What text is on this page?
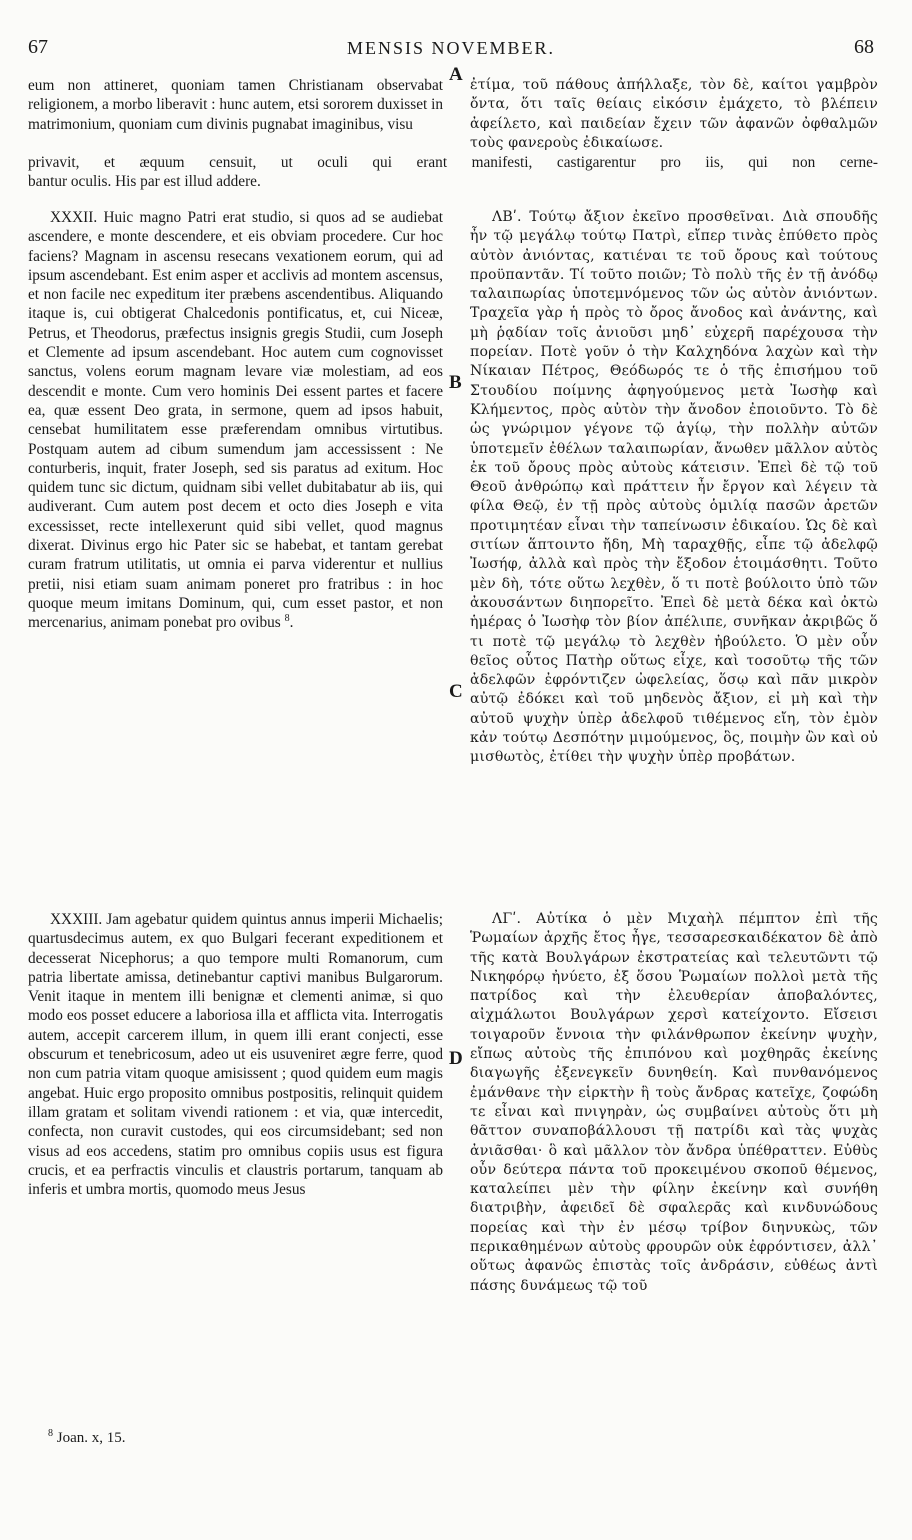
67	MENSIS NOVEMBER.	68

eum non attineret, quoniam tamen Christianam observabat religionem, a morbo liberavit : hunc autem, etsi sororem duxisset in matrimonium, quoniam cum divinis pugnabat imaginibus, visu

ἐτίμα, τοῦ πάθους ἀπήλλαξε, τὸν δὲ, καίτοι γαμβρὸν ὄντα, ὅτι ταῖς θείαις εἰκόσιν ἐμάχετο, τὸ βλέπειν ἀφείλετο, καὶ παιδείαν ἔχειν τῶν ἀφανῶν ὀφθαλμῶν τοὺς φανεροὺς ἐδικαίωσε.

privavit, et æquum censuit, ut oculi qui erant manifesti, castigarentur pro iis, qui non cerne-

bantur oculis. His par est illud addere.

XXXII. Huic magno Patri erat studio, si quos ad se audiebat ascendere, e monte descendere, et eis obviam procedere. Cur hoc faciens? Magnam in ascensu resecans vexationem eorum, qui ad ipsum ascendebant. Est enim asper et acclivis ad montem ascensus, et non facile nec expeditum iter præbens ascendentibus. Aliquando itaque is, cui obtigerat Chalcedonis pontificatus, et, cui Niceæ, Petrus, et Theodorus, præfectus insignis gregis Studii, cum Joseph et Clemente ad ipsum ascendebant. Hoc autem cum cognovisset sanctus, volens eorum magnam levare viæ molestiam, ad eos descendit e monte. Cum vero hominis Dei essent partes et facere ea, quæ essent Deo grata, in sermone, quem ad ipsos habuit, censebat humilitatem esse præferendam omnibus virtutibus. Postquam autem ad cibum sumendum jam accessissent : Ne conturberis, inquit, frater Joseph, sed sis paratus ad exitum. Hoc quidem tunc sic dictum, quidnam sibi vellet dubitabatur ab iis, qui audiverant. Cum autem post decem et octo dies Joseph e vita excessisset, recte intellexerunt quid sibi vellet, quod magnus dixerat. Divinus ergo hic Pater sic se habebat, et tantam gerebat curam fratrum utilitatis, ut omnia ei parva viderentur et nullius pretii, nisi etiam suam animam poneret pro fratribus : in hoc quoque meum imitans Dominum, qui, cum esset pastor, et non mercenarius, animam ponebat pro ovibus $^8$.

ΛΒʹ. Τούτῳ ἄξιον ἐκεῖνο προσθεῖναι. Διὰ σπουδῆς ἦν τῷ μεγάλῳ τούτῳ Πατρὶ, εἴπερ τινὰς ἐπύθετο πρὸς αὐτὸν ἀνιόντας, κατιέναι τε τοῦ ὄρους καὶ τούτους προϋπαντᾶν. Τί τοῦτο ποιῶν; Τὸ πολὺ τῆς ἐν τῇ ἀνόδῳ ταλαιπωρίας ὑποτεμνόμενος τῶν ὡς αὐτὸν ἀνιόντων. Τραχεῖα γὰρ ἡ πρὸς τὸ ὄρος ἄνοδος καὶ ἀνάντης, καὶ μὴ ῥᾳδίαν τοῖς ἀνιοῦσι μηδ᾽ εὐχερῆ παρέχουσα τὴν πορείαν. Ποτὲ γοῦν ὁ τὴν Καλχηδόνα λαχὼν καὶ τὴν Νίκαιαν Πέτρος, Θεόδωρός τε ὁ τῆς ἐπισήμου τοῦ Στουδίου ποίμνης ἀφηγούμενος μετὰ Ἰωσὴφ καὶ Κλήμεντος, πρὸς αὐτὸν τὴν ἄνοδον ἐποιοῦντο. Τὸ δὲ ὡς γνώριμον γέγονε τῷ ἁγίῳ, τὴν πολλὴν αὐτῶν ὑποτεμεῖν ἐθέλων ταλαιπωρίαν, ἄνωθεν μᾶλλον αὐτὸς ἐκ τοῦ ὄρους πρὸς αὐτοὺς κάτεισιν. Ἐπεὶ δὲ τῷ τοῦ Θεοῦ ἀνθρώπῳ καὶ πράττειν ἦν ἔργον καὶ λέγειν τὰ φίλα Θεῷ, ἐν τῇ πρὸς αὐτοὺς ὁμιλίᾳ πασῶν ἀρετῶν προτιμητέαν εἶναι τὴν ταπείνωσιν ἐδικαίου. Ὡς δὲ καὶ σιτίων ἅπτοιντο ἤδη, Μὴ ταραχθῇς, εἶπε τῷ ἀδελφῷ Ἰωσήφ, ἀλλὰ καὶ πρὸς τὴν ἔξοδον ἑτοιμάσθητι. Τοῦτο μὲν δὴ, τότε οὕτω λεχθὲν, ὅ τι ποτὲ βούλοιτο ὑπὸ τῶν ἀκουσάντων διηπορεῖτο. Ἐπεὶ δὲ μετὰ δέκα καὶ ὀκτὼ ἡμέρας ὁ Ἰωσὴφ τὸν βίον ἀπέλιπε, συνῆκαν ἀκριβῶς ὅ τι ποτὲ τῷ μεγάλῳ τὸ λεχθὲν ἠβούλετο. Ὁ μὲν οὖν θεῖος οὗτος Πατὴρ οὕτως εἶχε, καὶ τοσοῦτῳ τῆς τῶν ἀδελφῶν ἐφρόντιζεν ὠφελείας, ὅσῳ καὶ πᾶν μικρὸν αὐτῷ ἐδόκει καὶ τοῦ μηδενὸς ἄξιον, εἰ μὴ καὶ τὴν αὐτοῦ ψυχὴν ὑπὲρ ἀδελφοῦ τιθέμενος εἴη, τὸν ἐμὸν κἀν τούτῳ Δεσπότην μιμούμενος, ὃς, ποιμὴν ὢν καὶ οὐ μισθωτὸς, ἐτίθει τὴν ψυχὴν ὑπὲρ προβάτων.

XXXIII. Jam agebatur quidem quintus annus imperii Michaelis; quartusdecimus autem, ex quo Bulgari fecerant expeditionem et decesserat Nicephorus; a quo tempore multi Romanorum, cum patria libertate amissa, detinebantur captivi manibus Bulgarorum. Venit itaque in mentem illi benignæ et clementi animæ, si quo modo eos posset educere a laboriosa illa et afflicta vita. Interrogatis autem, accepit carcerem illum, in quem illi erant conjecti, esse obscurum et tenebricosum, adeo ut eis usuveniret ægre ferre, quod non cum patria vitam quoque amisissent ; quod quidem eum magis angebat. Huic ergo proposito omnibus postpositis, relinquit quidem illam gratam et solitam vivendi rationem : et via, quæ intercedit, confecta, non curavit custodes, qui eos circumsidebant; sed non visus ad eos accedens, statim pro omnibus copiis usus est figura crucis, et ea perfractis vinculis et claustris portarum, tanquam ab inferis et umbra mortis, quomodo meus Jesus

ΛΓʹ. Αὐτίκα ὁ μὲν Μιχαὴλ πέμπτον ἐπὶ τῆς Ῥωμαίων ἀρχῆς ἔτος ἦγε, τεσσαρεσκαιδέκατον δὲ ἀπὸ τῆς κατὰ Βουλγάρων ἐκστρατείας καὶ τελευτῶντι τῷ Νικηφόρῳ ἠνύετο, ἐξ ὅσου Ῥωμαίων πολλοὶ μετὰ τῆς πατρίδος καὶ τὴν ἐλευθερίαν ἀποβαλόντες, αἰχμάλωτοι Βουλγάρων χερσὶ κατείχοντο. Εἴσεισι τοιγαροῦν ἔννοια τὴν φιλάνθρωπον ἐκείνην ψυχὴν, εἴπως αὐτοὺς τῆς ἐπιπόνου καὶ μοχθηρᾶς ἐκείνης διαγωγῆς ἐξενεγκεῖν δυνηθείη. Καὶ πυνθανόμενος ἐμάνθανε τὴν εἱρκτὴν ἣ τοὺς ἄνδρας κατεῖχε, ζοφώδη τε εἶναι καὶ πνιγηρὰν, ὡς συμβαίνει αὐτοὺς ὅτι μὴ θᾶττον συναποβάλλουσι τῇ πατρίδι καὶ τὰς ψυχὰς ἀνιᾶσθαι· ὃ καὶ μᾶλλον τὸν ἄνδρα ὑπέθραττεν. Εὐθὺς οὖν δεύτερα πάντα τοῦ προκειμένου σκοποῦ θέμενος, καταλείπει μὲν τὴν φίλην ἐκείνην καὶ συνήθη διατριβὴν, ἀφειδεῖ δὲ σφαλερᾶς καὶ κινδυνώδους πορείας καὶ τὴν ἐν μέσῳ τρίβον διηνυκὼς, τῶν περικαθημένων αὐτοὺς φρουρῶν οὐκ ἐφρόντισεν, ἀλλ᾽ οὕτως ἀφανῶς ἐπιστὰς τοῖς ἀνδράσιν, εὐθέως ἀντὶ πάσης δυνάμεως τῷ τοῦ

A
B
C
D
$^8$ Joan. x, 15.
